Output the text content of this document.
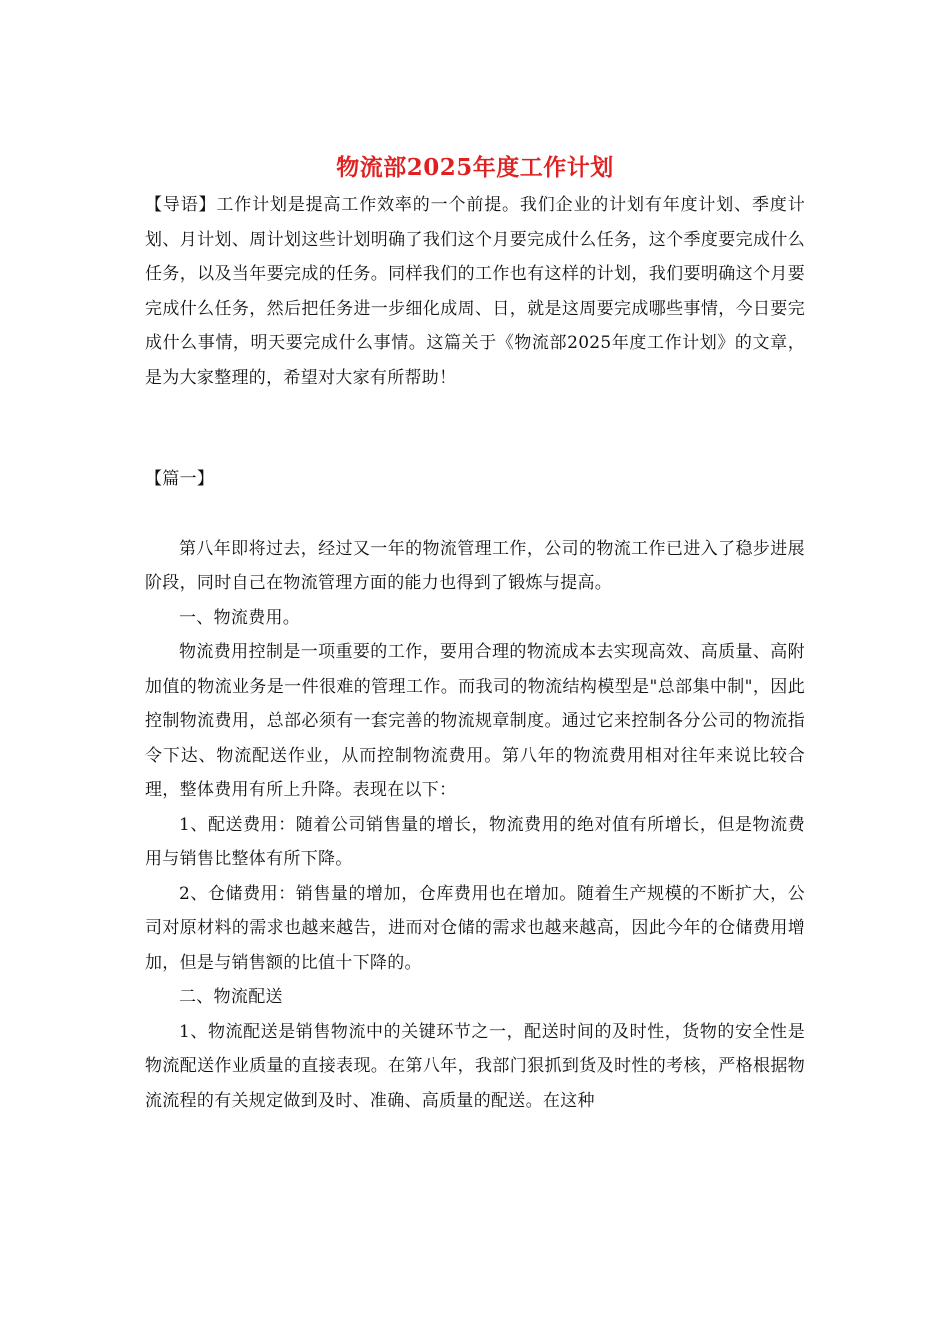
物流部2025年度工作计划

【导语】工作计划是提高工作效率的一个前提。我们企业的计划有年度计划、季度计划、月计划、周计划这些计划明确了我们这个月要完成什么任务，这个季度要完成什么任务，以及当年要完成的任务。同样我们的工作也有这样的计划，我们要明确这个月要完成什么任务，然后把任务进一步细化成周、日，就是这周要完成哪些事情，今日要完成什么事情，明天要完成什么事情。这篇关于《物流部2025年度工作计划》的文章，是为大家整理的，希望对大家有所帮助！

【篇一】

第八年即将过去，经过又一年的物流管理工作，公司的物流工作已进入了稳步进展阶段，同时自己在物流管理方面的能力也得到了锻炼与提高。

一、物流费用。

物流费用控制是一项重要的工作，要用合理的物流成本去实现高效、高质量、高附加值的物流业务是一件很难的管理工作。而我司的物流结构模型是"总部集中制"，因此控制物流费用，总部必须有一套完善的物流规章制度。通过它来控制各分公司的物流指令下达、物流配送作业，从而控制物流费用。第八年的物流费用相对往年来说比较合理，整体费用有所上升降。表现在以下：

1、配送费用：随着公司销售量的增长，物流费用的绝对值有所增长，但是物流费用与销售比整体有所下降。

2、仓储费用：销售量的增加，仓库费用也在增加。随着生产规模的不断扩大，公司对原材料的需求也越来越告，进而对仓储的需求也越来越高，因此今年的仓储费用增加，但是与销售额的比值十下降的。

二、物流配送

1、物流配送是销售物流中的关键环节之一，配送时间的及时性，货物的安全性是物流配送作业质量的直接表现。在第八年，我部门狠抓到货及时性的考核，严格根据物流流程的有关规定做到及时、准确、高质量的配送。在这种
